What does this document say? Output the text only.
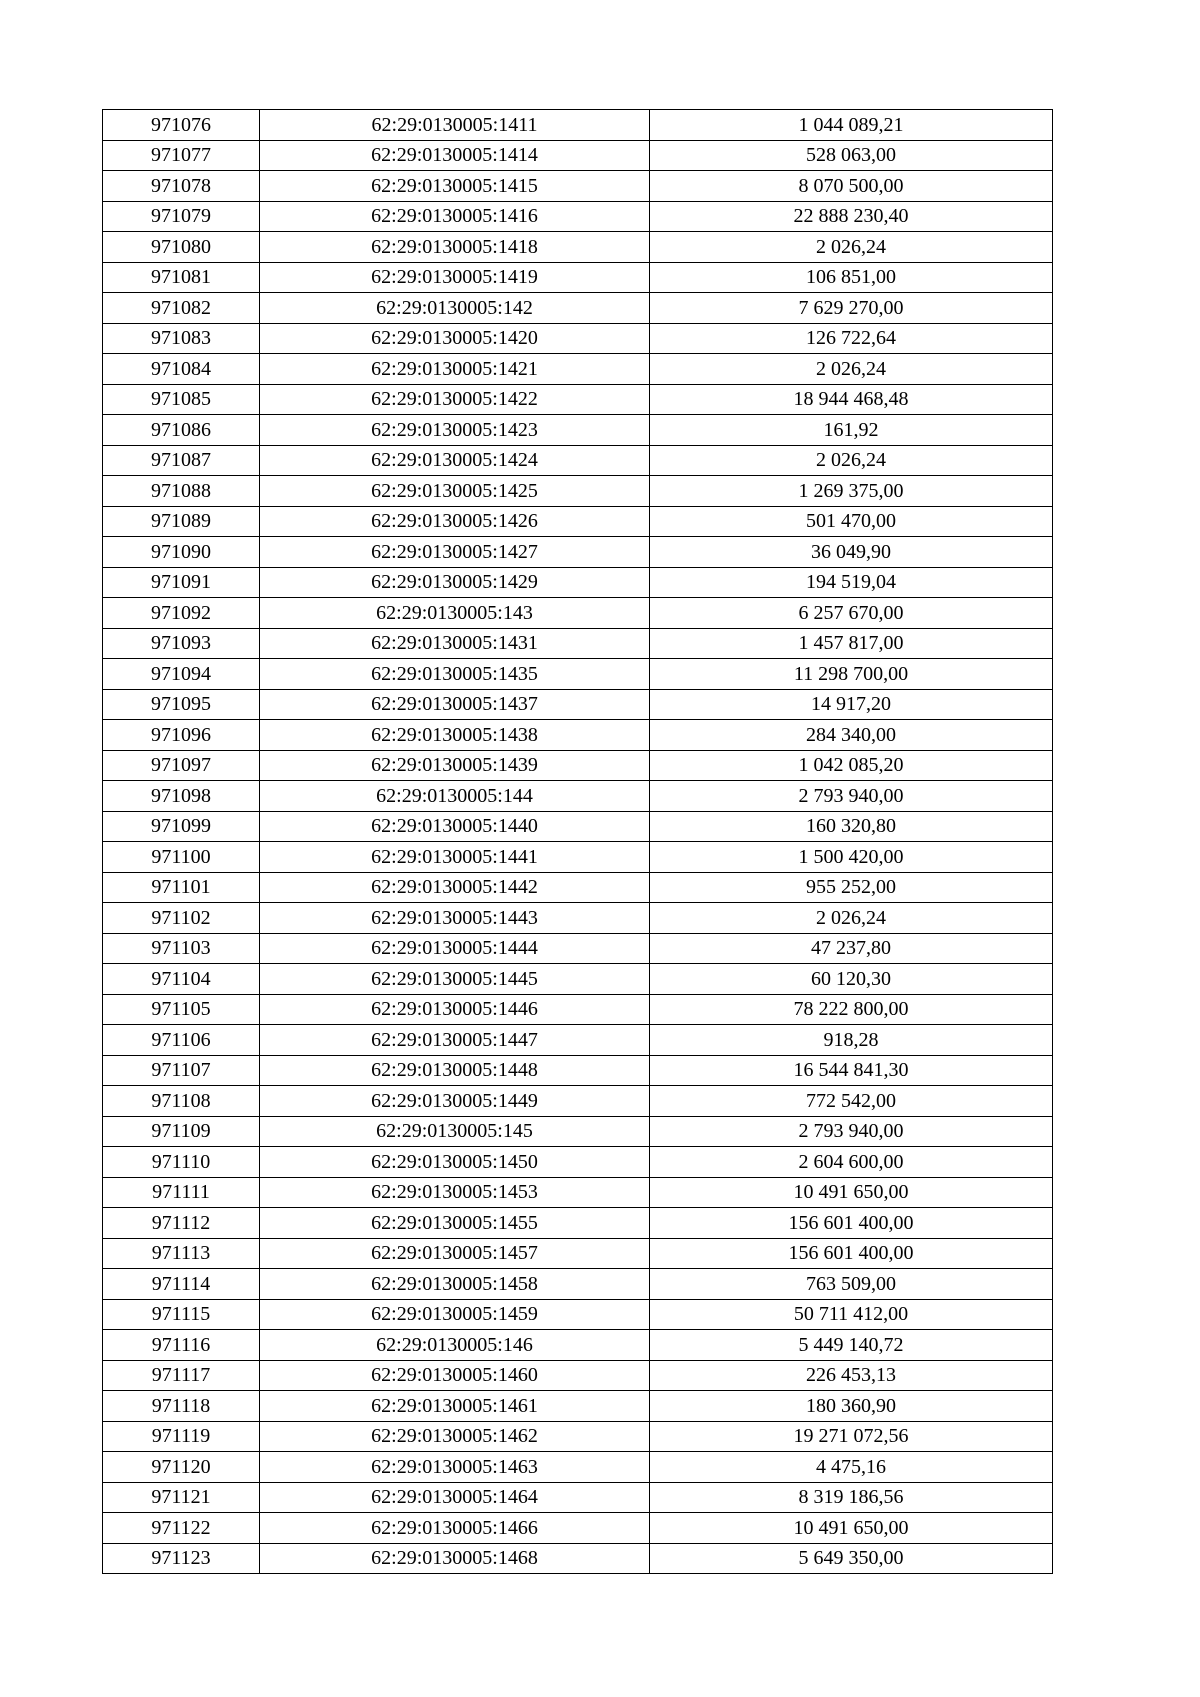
971076	62:29:0130005:1411	1 044 089,21
971077	62:29:0130005:1414	528 063,00
971078	62:29:0130005:1415	8 070 500,00
971079	62:29:0130005:1416	22 888 230,40
971080	62:29:0130005:1418	2 026,24
971081	62:29:0130005:1419	106 851,00
971082	62:29:0130005:142	7 629 270,00
971083	62:29:0130005:1420	126 722,64
971084	62:29:0130005:1421	2 026,24
971085	62:29:0130005:1422	18 944 468,48
971086	62:29:0130005:1423	161,92
971087	62:29:0130005:1424	2 026,24
971088	62:29:0130005:1425	1 269 375,00
971089	62:29:0130005:1426	501 470,00
971090	62:29:0130005:1427	36 049,90
971091	62:29:0130005:1429	194 519,04
971092	62:29:0130005:143	6 257 670,00
971093	62:29:0130005:1431	1 457 817,00
971094	62:29:0130005:1435	11 298 700,00
971095	62:29:0130005:1437	14 917,20
971096	62:29:0130005:1438	284 340,00
971097	62:29:0130005:1439	1 042 085,20
971098	62:29:0130005:144	2 793 940,00
971099	62:29:0130005:1440	160 320,80
971100	62:29:0130005:1441	1 500 420,00
971101	62:29:0130005:1442	955 252,00
971102	62:29:0130005:1443	2 026,24
971103	62:29:0130005:1444	47 237,80
971104	62:29:0130005:1445	60 120,30
971105	62:29:0130005:1446	78 222 800,00
971106	62:29:0130005:1447	918,28
971107	62:29:0130005:1448	16 544 841,30
971108	62:29:0130005:1449	772 542,00
971109	62:29:0130005:145	2 793 940,00
971110	62:29:0130005:1450	2 604 600,00
971111	62:29:0130005:1453	10 491 650,00
971112	62:29:0130005:1455	156 601 400,00
971113	62:29:0130005:1457	156 601 400,00
971114	62:29:0130005:1458	763 509,00
971115	62:29:0130005:1459	50 711 412,00
971116	62:29:0130005:146	5 449 140,72
971117	62:29:0130005:1460	226 453,13
971118	62:29:0130005:1461	180 360,90
971119	62:29:0130005:1462	19 271 072,56
971120	62:29:0130005:1463	4 475,16
971121	62:29:0130005:1464	8 319 186,56
971122	62:29:0130005:1466	10 491 650,00
971123	62:29:0130005:1468	5 649 350,00
